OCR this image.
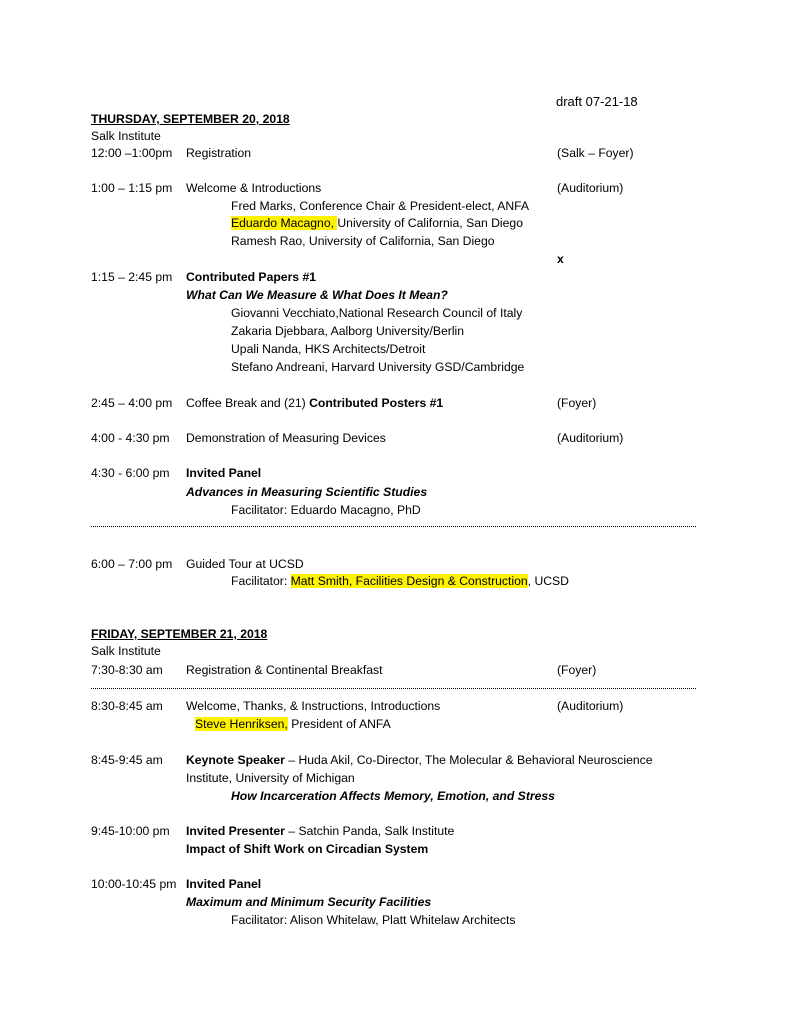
draft 07-21-18
THURSDAY, SEPTEMBER 20, 2018
Salk Institute
12:00 –1:00pm Registration	(Salk – Foyer)
1:00 – 1:15 pm Welcome & Introductions	(Auditorium)
Fred Marks, Conference Chair & President-elect, ANFA
Eduardo Macagno, University of California, San Diego
Ramesh Rao, University of California, San Diego
x
1:15 – 2:45 pm Contributed Papers #1
What Can We Measure & What Does It Mean?
Giovanni Vecchiato,National Research Council of Italy
Zakaria Djebbara, Aalborg University/Berlin
Upali Nanda, HKS Architects/Detroit
Stefano Andreani, Harvard University GSD/Cambridge
2:45 – 4:00 pm Coffee Break and (21) Contributed Posters #1	(Foyer)
4:00 - 4:30 pm Demonstration of Measuring Devices	(Auditorium)
4:30 - 6:00 pm Invited Panel
Advances in Measuring Scientific Studies
Facilitator: Eduardo Macagno, PhD
6:00 – 7:00 pm Guided Tour at UCSD
Facilitator: Matt Smith, Facilities Design & Construction, UCSD
FRIDAY, SEPTEMBER 21, 2018
Salk Institute
7:30-8:30 am Registration & Continental Breakfast	(Foyer)
8:30-8:45 am Welcome, Thanks, & Instructions, Introductions	(Auditorium)
Steve Henriksen, President of ANFA
8:45-9:45 am Keynote Speaker – Huda Akil, Co-Director, The Molecular & Behavioral Neuroscience
Institute, University of Michigan
How Incarceration Affects Memory, Emotion, and Stress
9:45-10:00 pm Invited Presenter – Satchin Panda, Salk Institute
Impact of Shift Work on Circadian System
10:00-10:45 pm Invited Panel
Maximum and Minimum Security Facilities
Facilitator: Alison Whitelaw, Platt Whitelaw Architects
